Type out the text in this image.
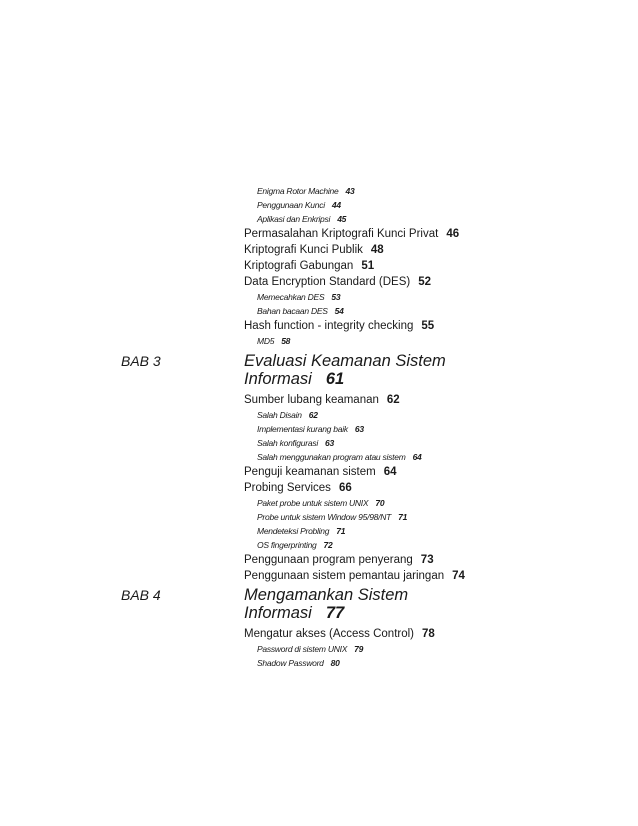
Enigma Rotor Machine 43
Penggunaan Kunci 44
Aplikasi dan Enkripsi 45
Permasalahan Kriptografi Kunci Privat 46
Kriptografi Kunci Publik 48
Kriptografi Gabungan 51
Data Encryption Standard (DES) 52
Memecahkan DES 53
Bahan bacaan DES 54
Hash function - integrity checking 55
MD5 58
BAB 3	Evaluasi Keamanan Sistem
Informasi 61
Sumber lubang keamanan 62
Salah Disain 62
Implementasi kurang baik 63
Salah konfigurasi 63
Salah menggunakan program atau sistem 64
Penguji keamanan sistem 64
Probing Services 66
Paket probe untuk sistem UNIX 70
Probe untuk sistem Window 95/98/NT 71
Mendeteksi Probling 71
OS fingerprinting 72
Penggunaan program penyerang 73
Penggunaan sistem pemantau jaringan 74
BAB 4	Mengamankan Sistem
Informasi 77
Mengatur akses (Access Control) 78
Password di sistem UNIX 79
Shadow Password 80
